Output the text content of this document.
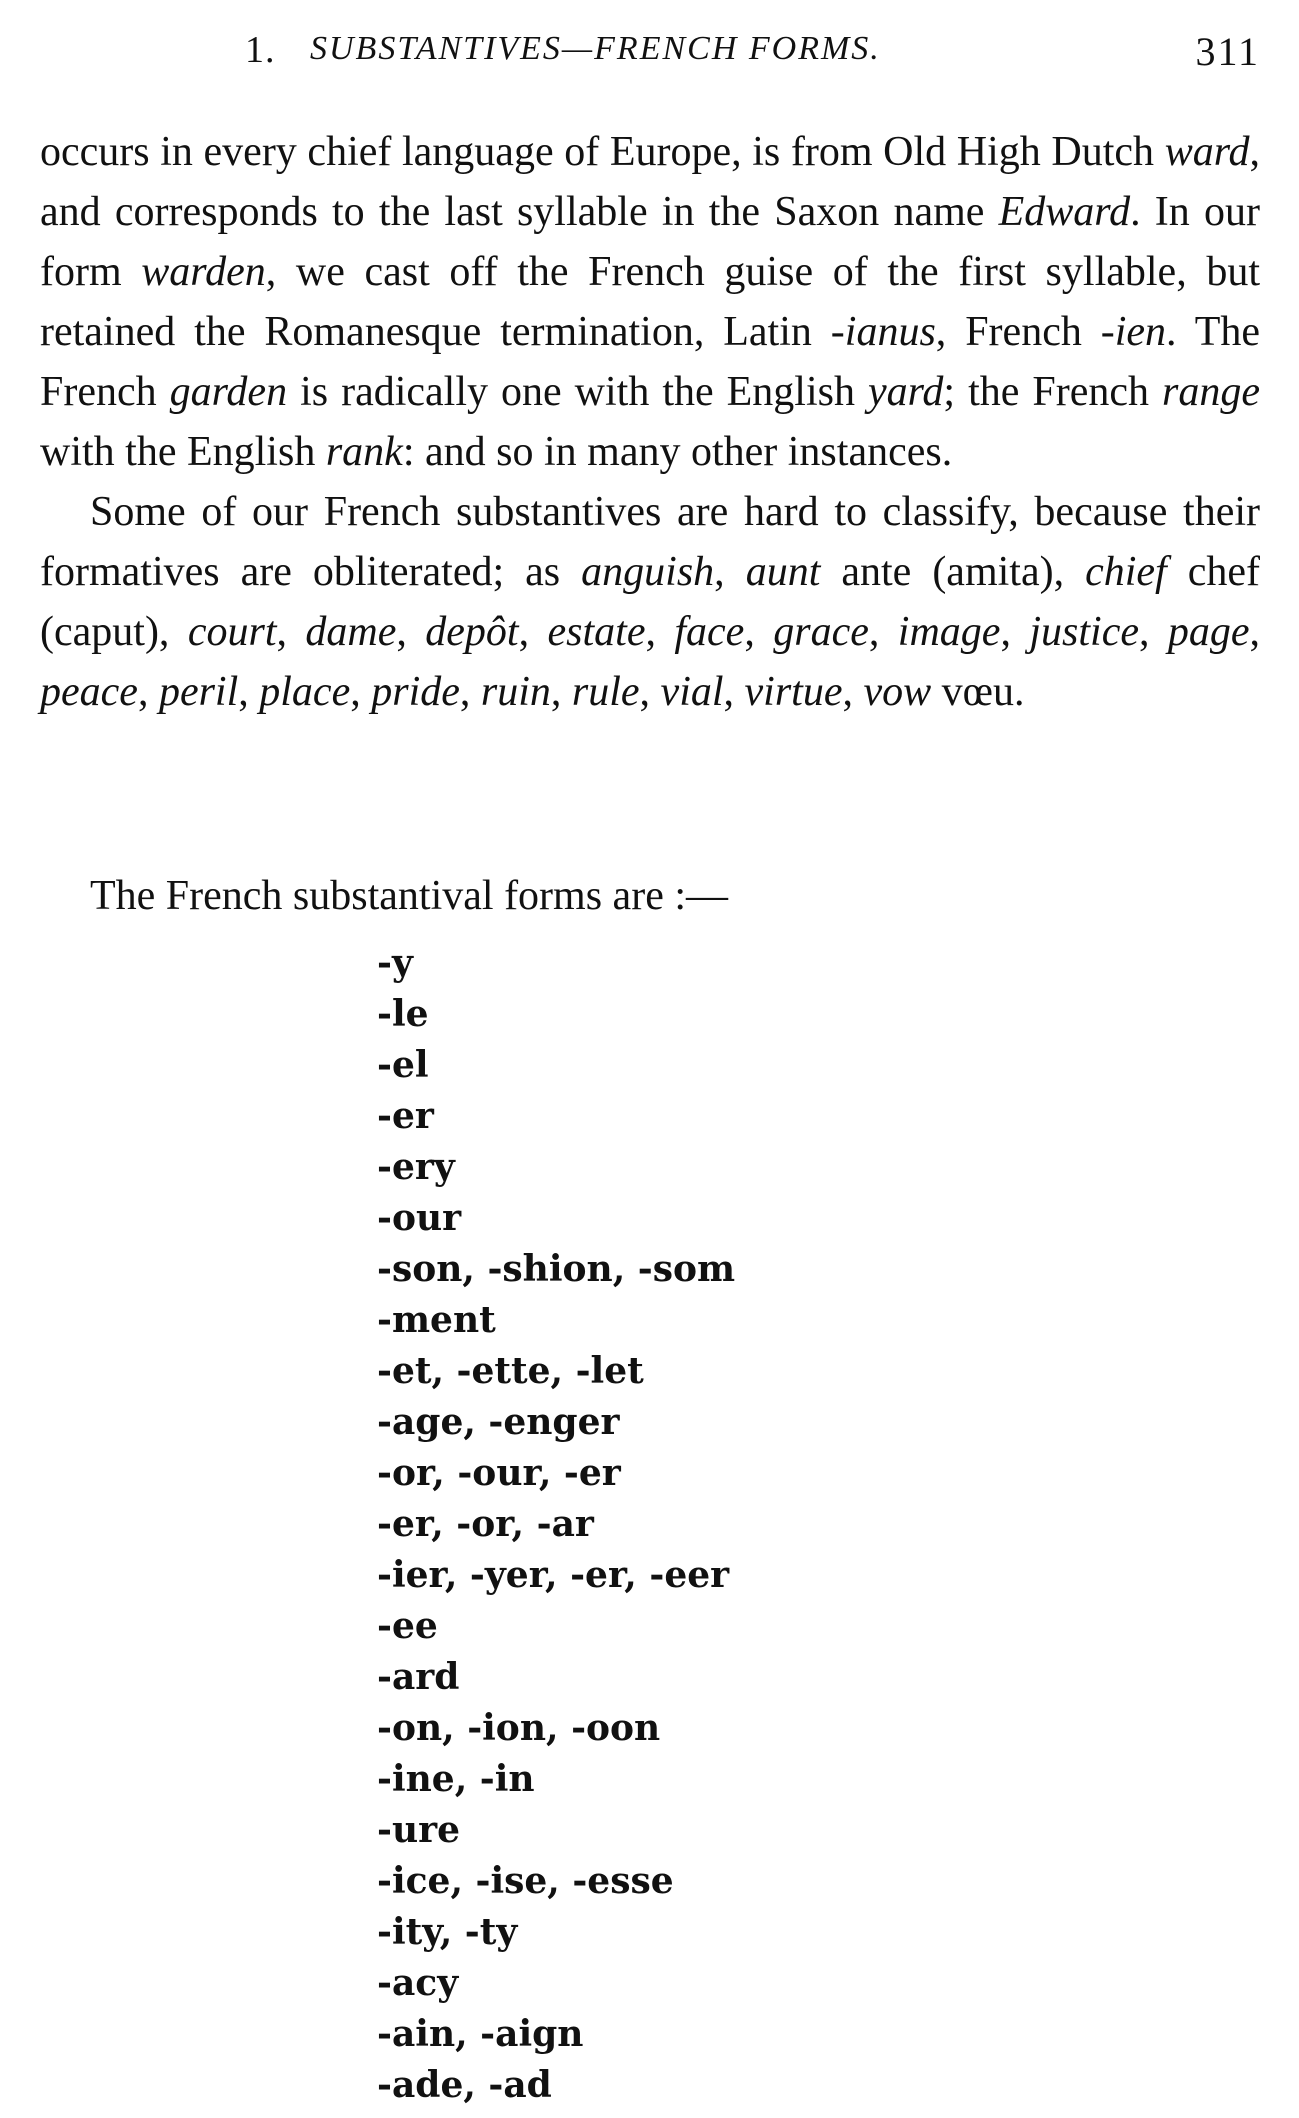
1. SUBSTANTIVES—FRENCH FORMS.	311

occurs in every chief language of Europe, is from Old High Dutch ward, and corresponds to the last syllable in the Saxon name Edward. In our form warden, we cast off the French guise of the first syllable, but retained the Romanesque termination, Latin -ianus, French -ien. The French garden is radically one with the English yard; the French range with the English rank: and so in many other instances.

Some of our French substantives are hard to classify, because their formatives are obliterated; as anguish, aunt ante (amita), chief chef (caput), court, dame, depôt, estate, face, grace, image, justice, page, peace, peril, place, pride, ruin, rule, vial, virtue, vow vœu.

The French substantival forms are :—
-y
-le
-el
-er
-ery
-our
-son, -shion, -som
-ment
-et, -ette, -let
-age, -enger
-or, -our, -er
-er, -or, -ar
-ier, -yer, -er, -eer
-ee
-ard
-on, -ion, -oon
-ine, -in
-ure
-ice, -ise, -esse
-ity, -ty
-acy
-ain, -aign
-ade, -ad
